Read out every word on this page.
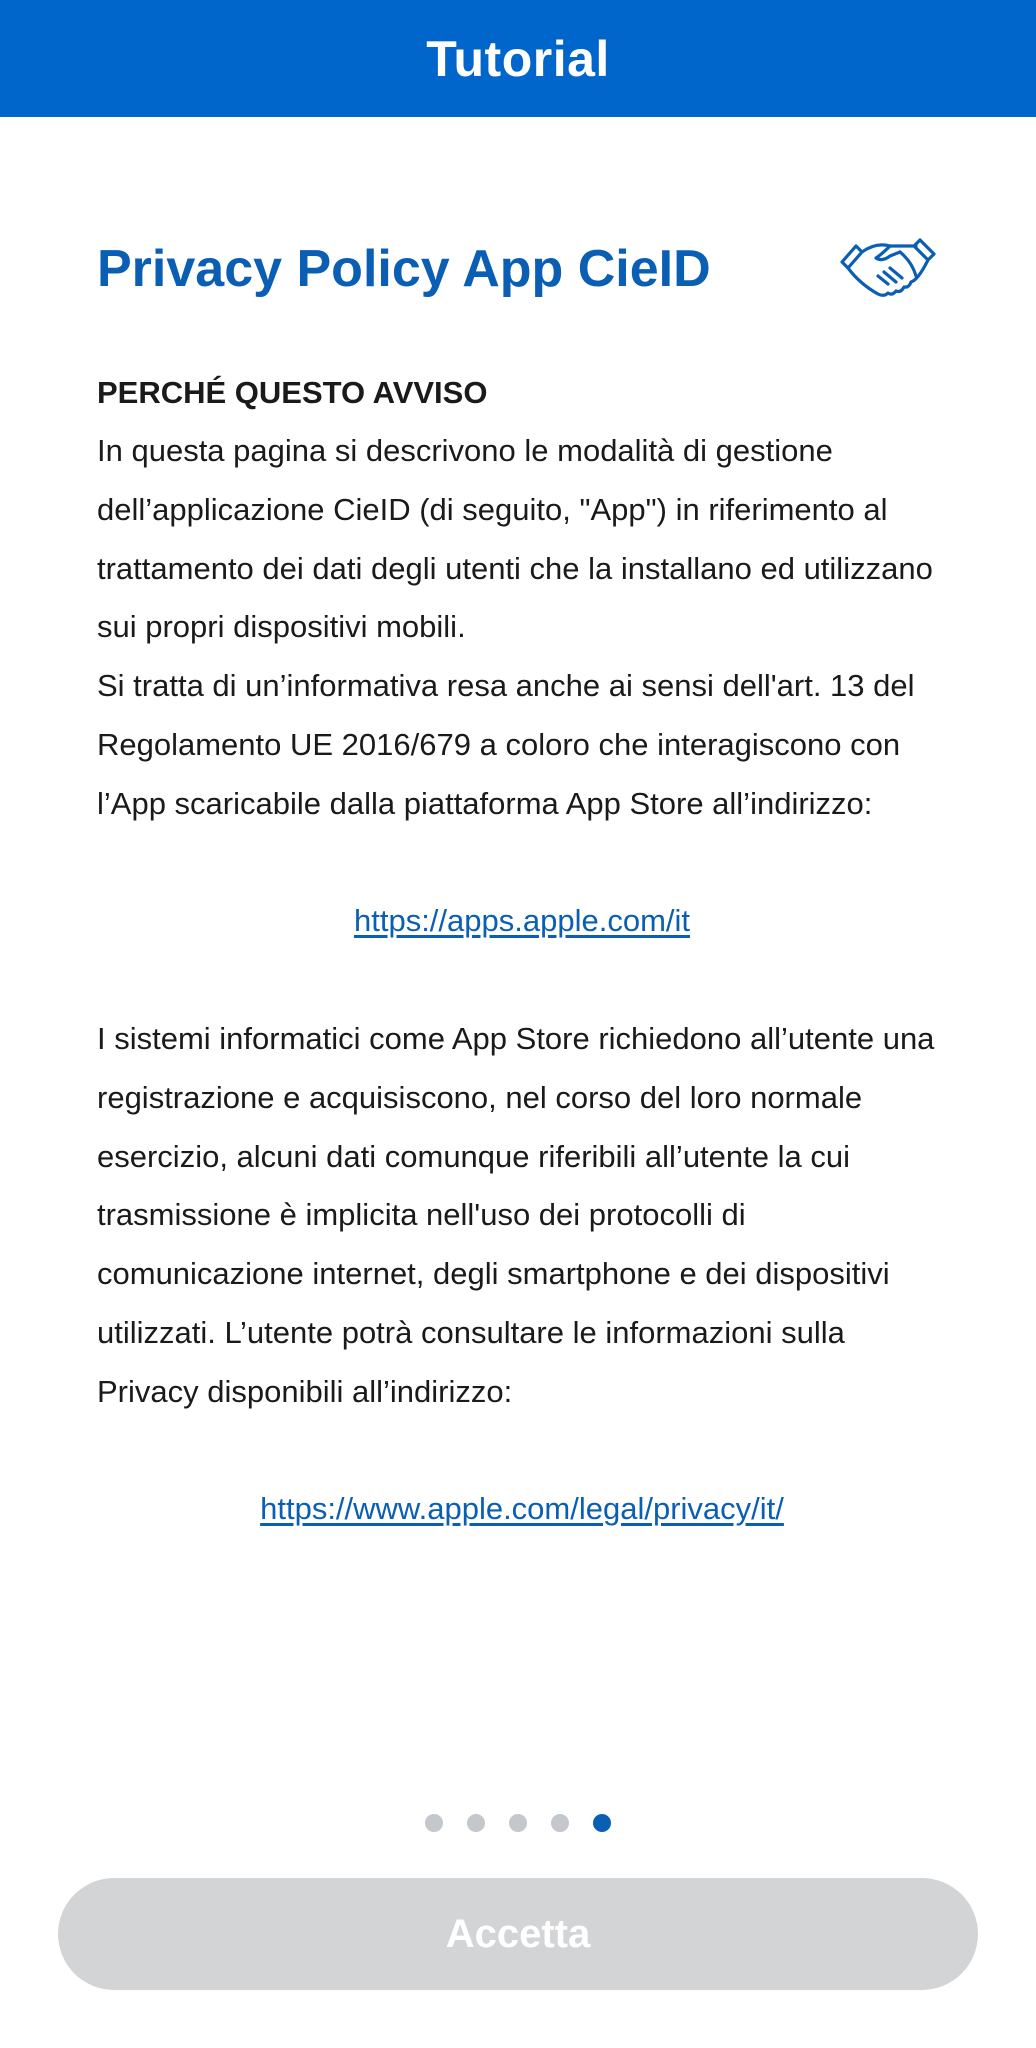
Tutorial
Privacy Policy App CieID

PERCHÉ QUESTO AVVISO

In questa pagina si descrivono le modalità di gestione dell’applicazione CieID (di seguito, "App") in riferimento al trattamento dei dati degli utenti che la installano ed utilizzano sui propri dispositivi mobili.

Si tratta di un’informativa resa anche ai sensi dell'art. 13 del Regolamento UE 2016/679 a coloro che interagiscono con l’App scaricabile dalla piattaforma App Store all’indirizzo:

https://apps.apple.com/it

I sistemi informatici come App Store richiedono all’utente una registrazione e acquisiscono, nel corso del loro normale esercizio, alcuni dati comunque riferibili all’utente la cui trasmissione è implicita nell'uso dei protocolli di comunicazione internet, degli smartphone e dei dispositivi utilizzati. L’utente potrà consultare le informazioni sulla Privacy disponibili all’indirizzo:

https://www.apple.com/legal/privacy/it/

Accetta
